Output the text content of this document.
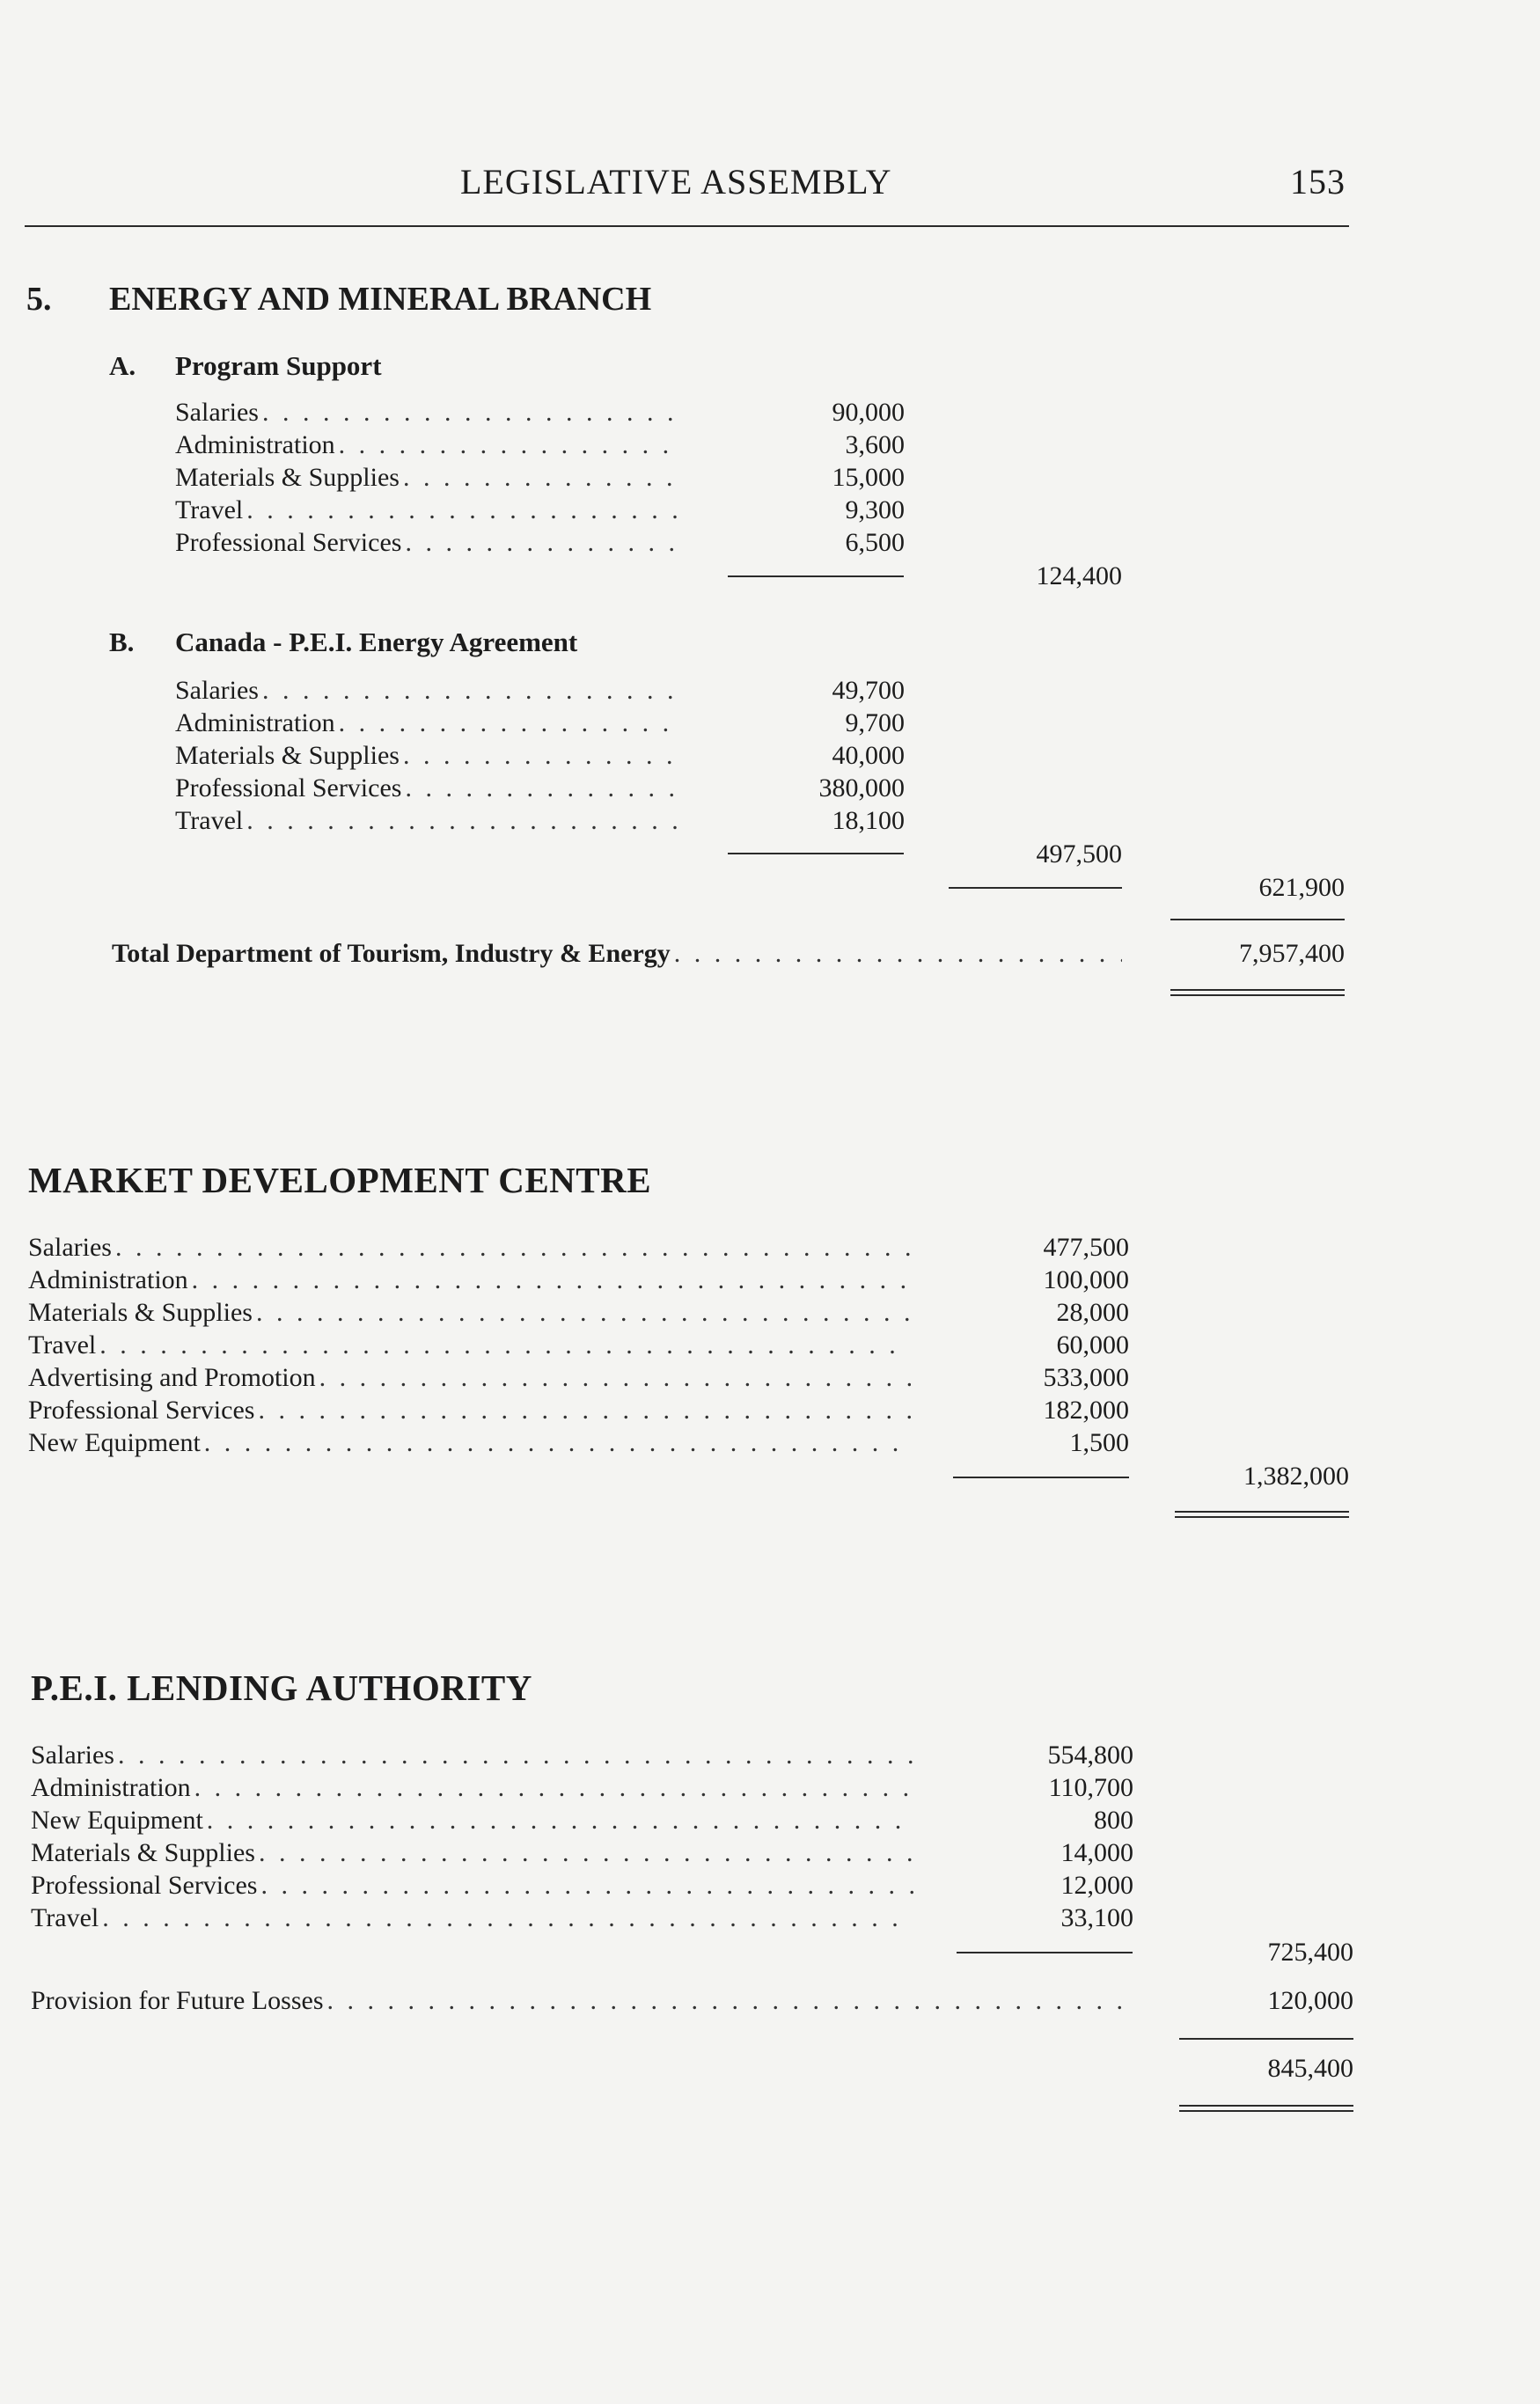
LEGISLATIVE ASSEMBLY	153
5. ENERGY AND MINERAL BRANCH
A. Program Support
Salaries . . .	90,000
Administration . . .	3,600
Materials & Supplies . . .	15,000
Travel . . .	9,300
Professional Services . . .	6,500
124,400
B. Canada - P.E.I. Energy Agreement
Salaries . . .	49,700
Administration . . .	9,700
Materials & Supplies . . .	40,000
Professional Services . . .	380,000
Travel . . .	18,100
497,500
621,900
Total Department of Tourism, Industry & Energy . . .	7,957,400
MARKET DEVELOPMENT CENTRE
Salaries . . .	477,500
Administration . . .	100,000
Materials & Supplies . . .	28,000
Travel . . .	60,000
Advertising and Promotion . . .	533,000
Professional Services . . .	182,000
New Equipment . . .	1,500
1,382,000
P.E.I. LENDING AUTHORITY
Salaries . . .	554,800
Administration . . .	110,700
New Equipment . . .	800
Materials & Supplies . . .	14,000
Professional Services . . .	12,000
Travel . . .	33,100
725,400
Provision for Future Losses . . .	120,000
845,400
